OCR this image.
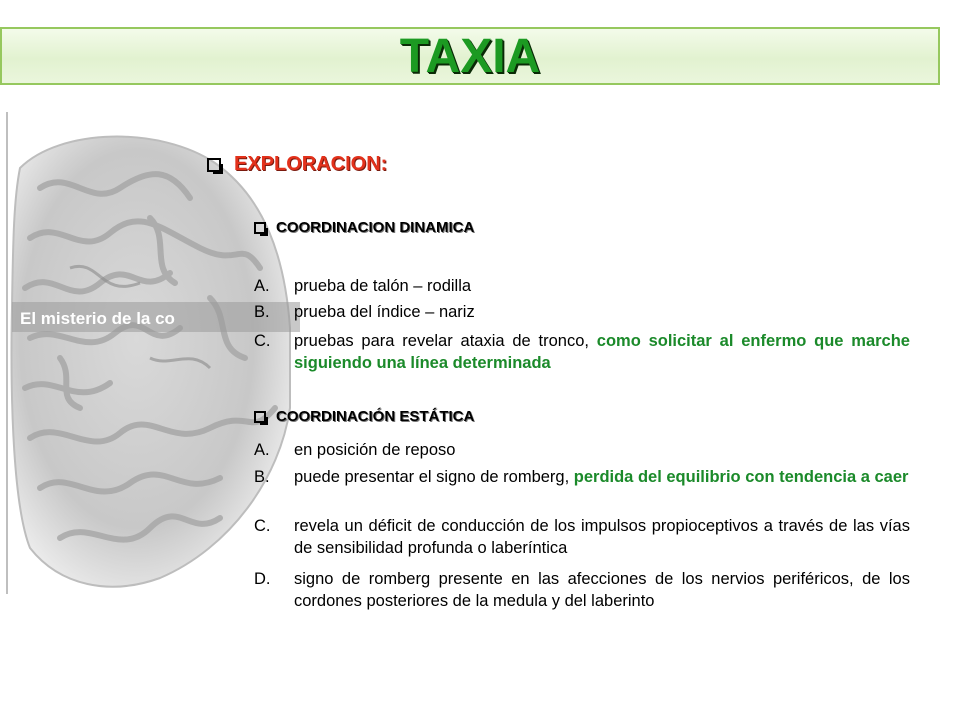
TAXIA
El misterio de la co
EXPLORACION:
COORDINACION DINAMICA
A.	prueba de talón – rodilla
B.	prueba del índice – nariz
C.	pruebas para revelar ataxia de tronco, como solicitar al enfermo que marche siguiendo una línea determinada
COORDINACIÓN ESTÁTICA
A.	en posición de reposo
B.	puede presentar el signo de romberg, perdida del equilibrio con tendencia a caer
C.	revela un déficit de conducción de los impulsos propioceptivos a través de las vías de sensibilidad profunda o laberíntica
D.	signo de romberg presente en las afecciones de los nervios periféricos, de los cordones posteriores de la medula y del laberinto
